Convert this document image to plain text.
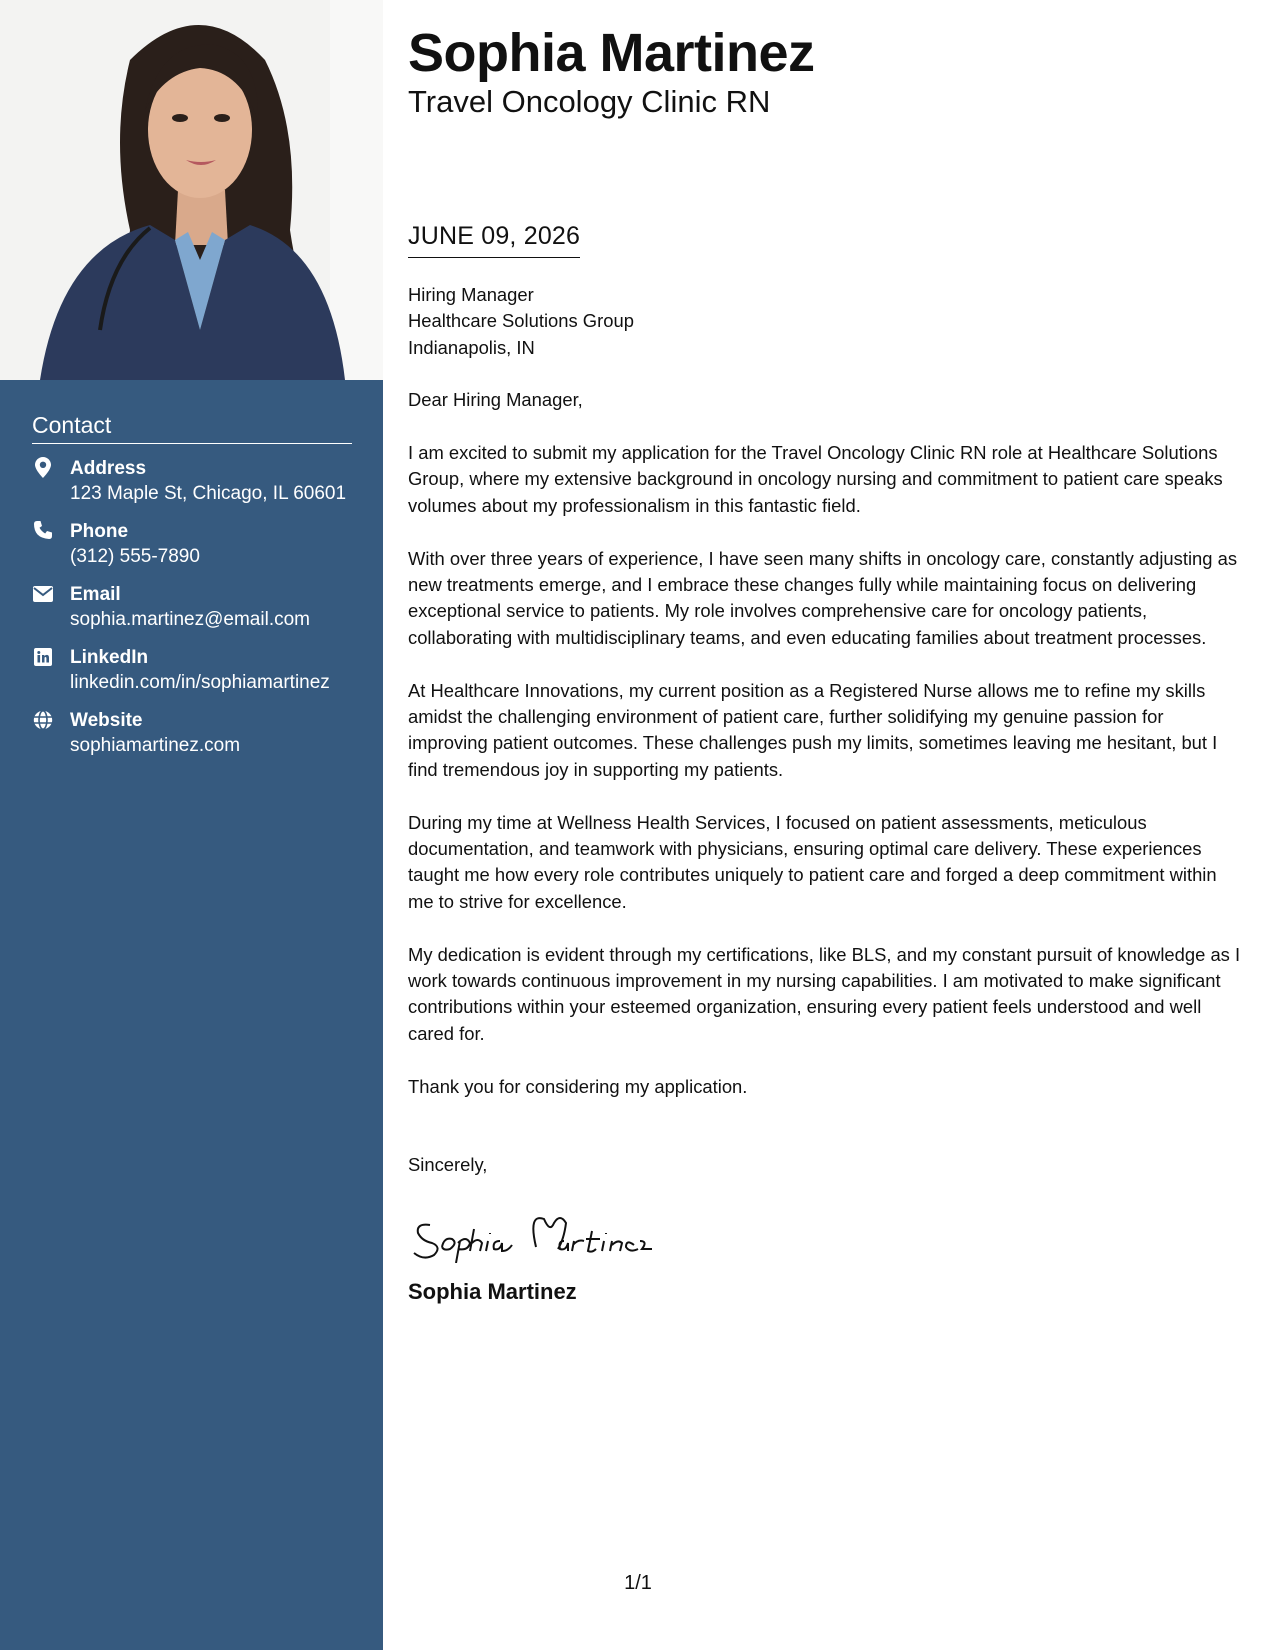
Contact
Address
123 Maple St, Chicago, IL 60601
Phone
(312) 555-7890
Email
sophia.martinez@email.com
LinkedIn
linkedin.com/in/sophiamartinez
Website
sophiamartinez.com
Sophia Martinez
Travel Oncology Clinic RN
JUNE 09, 2026
Hiring Manager
Healthcare Solutions Group
Indianapolis, IN

Dear Hiring Manager,

I am excited to submit my application for the Travel Oncology Clinic RN role at Healthcare Solutions Group, where my extensive background in oncology nursing and commitment to patient care speaks volumes about my professionalism in this fantastic field.

With over three years of experience, I have seen many shifts in oncology care, constantly adjusting as new treatments emerge, and I embrace these changes fully while maintaining focus on delivering exceptional service to patients. My role involves comprehensive care for oncology patients, collaborating with multidisciplinary teams, and even educating families about treatment processes.

At Healthcare Innovations, my current position as a Registered Nurse allows me to refine my skills amidst the challenging environment of patient care, further solidifying my genuine passion for improving patient outcomes. These challenges push my limits, sometimes leaving me hesitant, but I find tremendous joy in supporting my patients.

During my time at Wellness Health Services, I focused on patient assessments, meticulous documentation, and teamwork with physicians, ensuring optimal care delivery. These experiences taught me how every role contributes uniquely to patient care and forged a deep commitment within me to strive for excellence.

My dedication is evident through my certifications, like BLS, and my constant pursuit of knowledge as I work towards continuous improvement in my nursing capabilities. I am motivated to make significant contributions within your esteemed organization, ensuring every patient feels understood and well cared for.

Thank you for considering my application.

Sincerely,
Sophia Martinez
1/1
